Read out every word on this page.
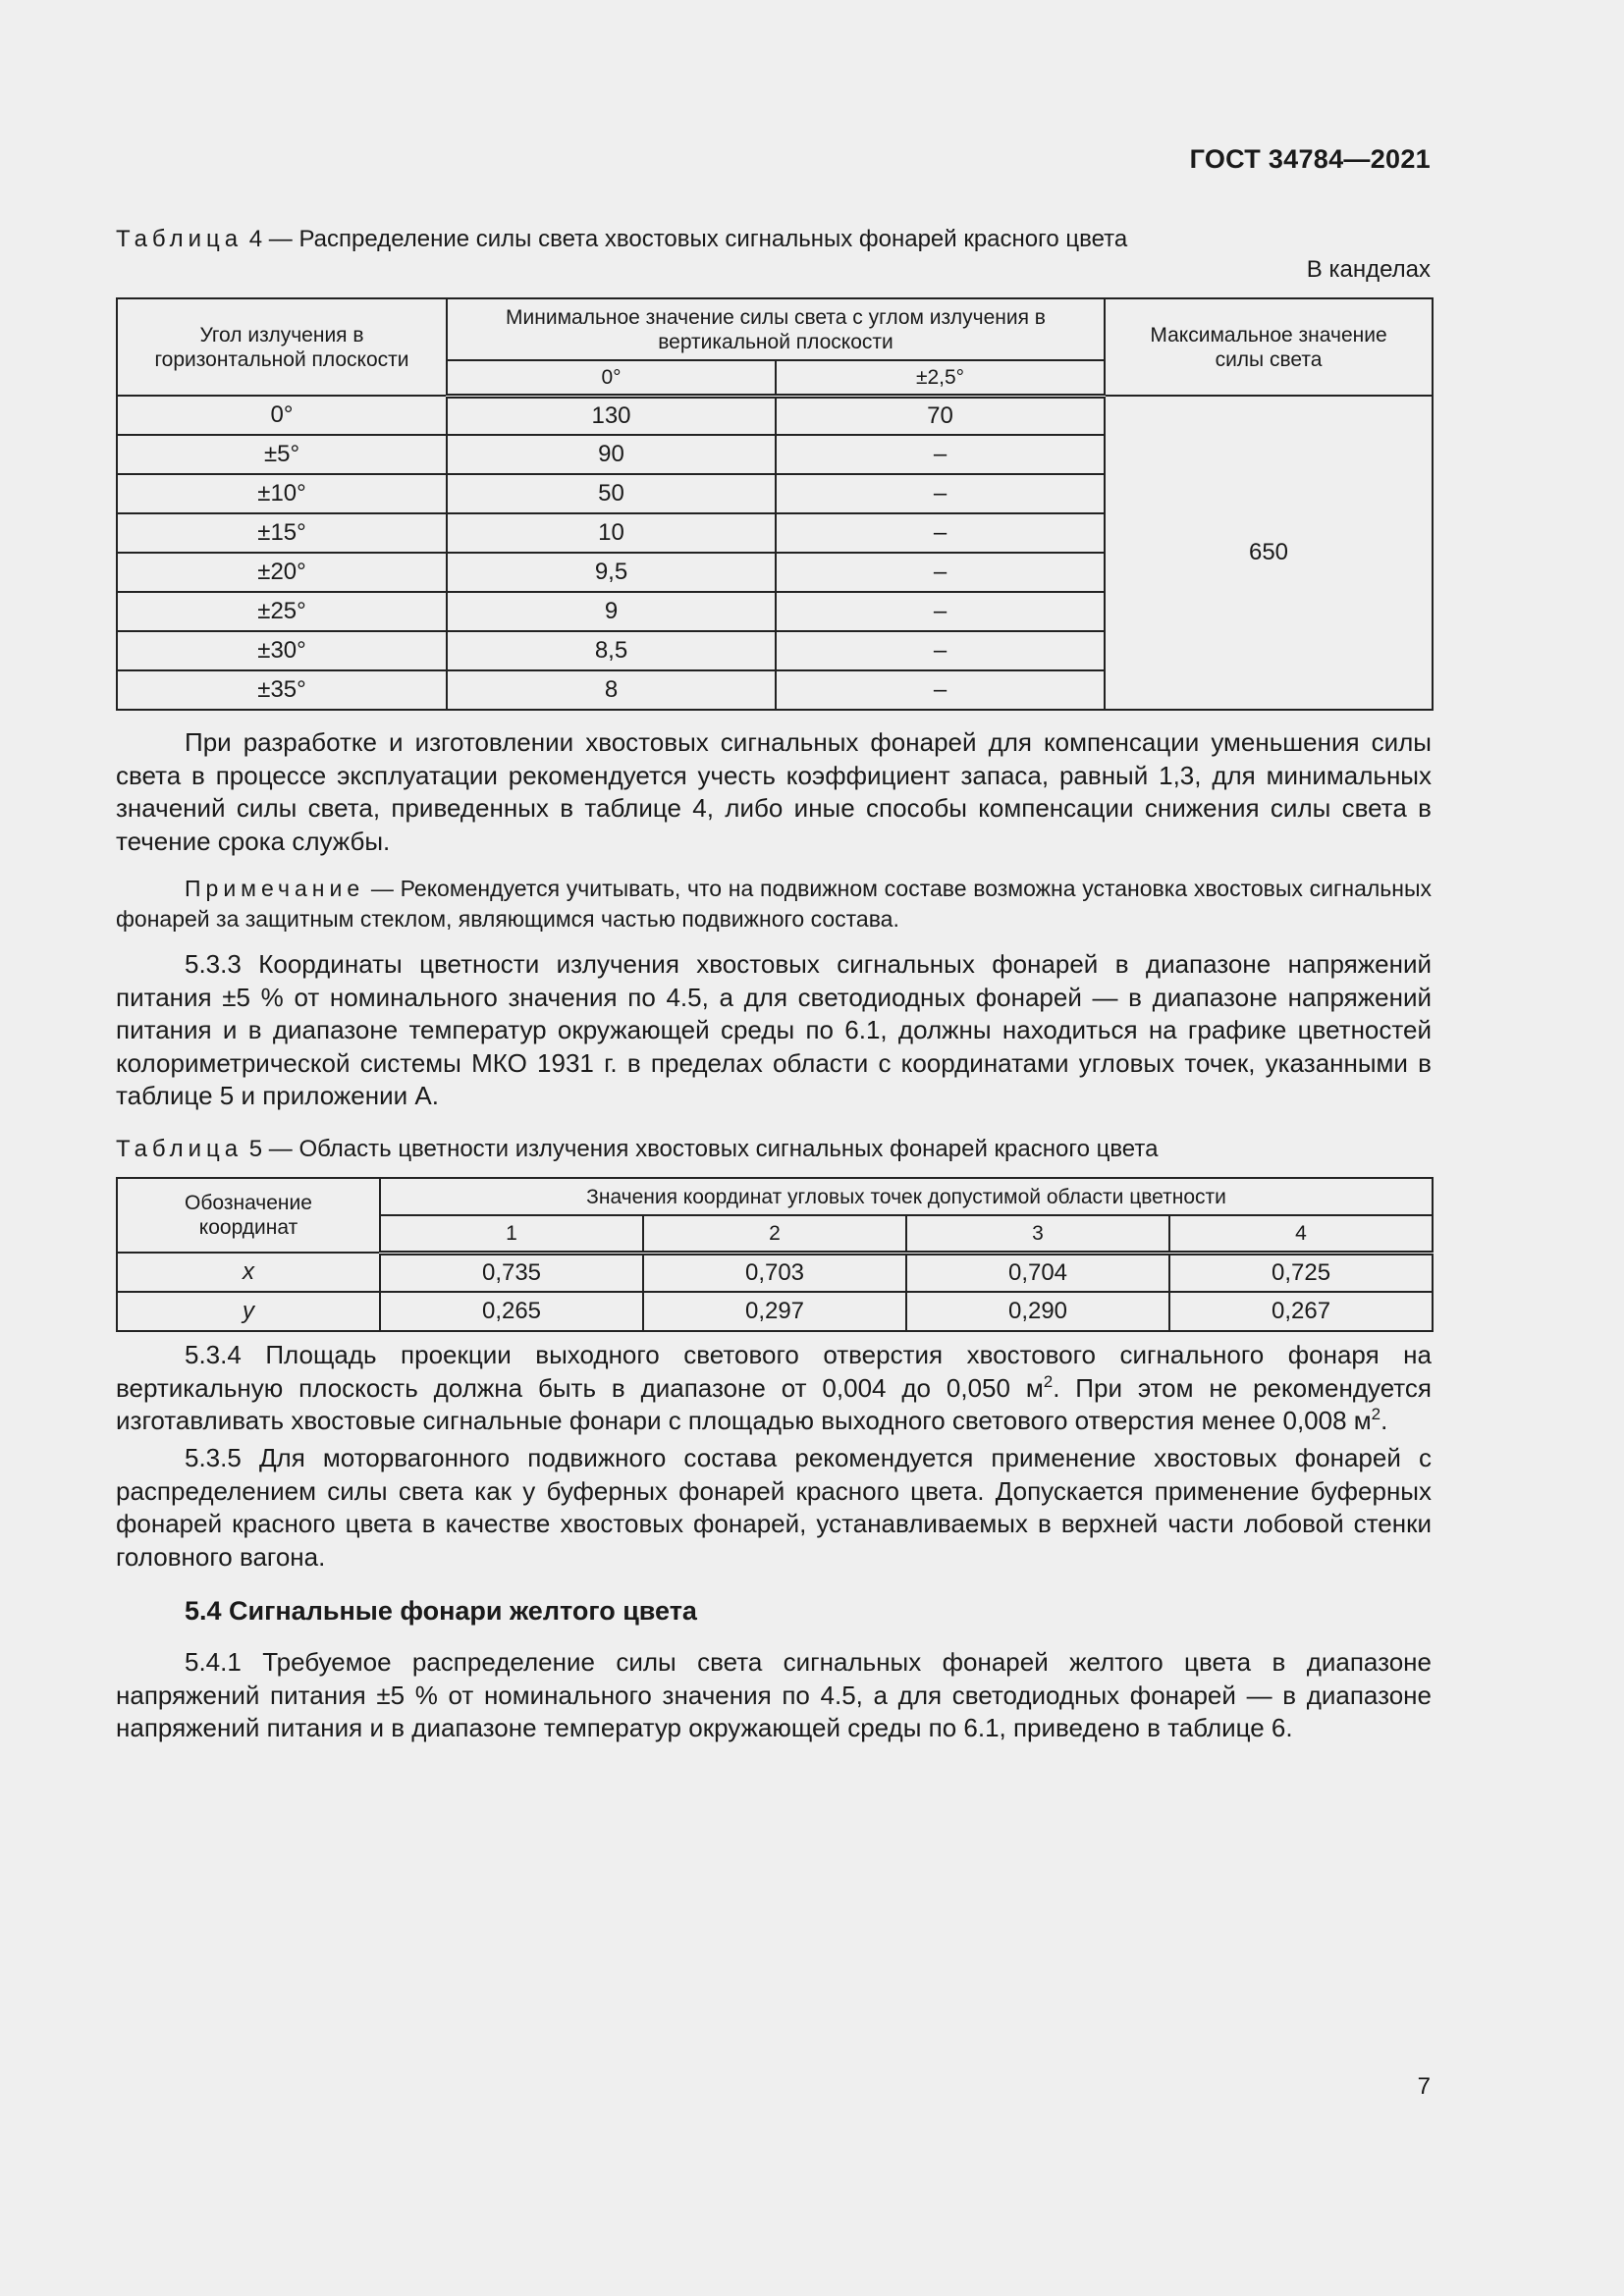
ГОСТ 34784—2021
Таблица 4 — Распределение силы света хвостовых сигнальных фонарей красного цвета
В канделах
Угол излучения в горизонтальной плоскости	Минимальное значение силы света с углом излучения в вертикальной плоскости		Максимальное значение силы света
	0°	±2,5°	
0°	130	70	650
±5°	90	–	
±10°	50	–	
±15°	10	–	
±20°	9,5	–	
±25°	9	–	
±30°	8,5	–	
±35°	8	–	
При разработке и изготовлении хвостовых сигнальных фонарей для компенсации уменьшения силы света в процессе эксплуатации рекомендуется учесть коэффициент запаса, равный 1,3, для минимальных значений силы света, приведенных в таблице 4, либо иные способы компенсации снижения силы света в течение срока службы.
Примечание — Рекомендуется учитывать, что на подвижном составе возможна установка хвостовых сигнальных фонарей за защитным стеклом, являющимся частью подвижного состава.
5.3.3 Координаты цветности излучения хвостовых сигнальных фонарей в диапазоне напряжений питания ±5 % от номинального значения по 4.5, а для светодиодных фонарей — в диапазоне напряжений питания и в диапазоне температур окружающей среды по 6.1, должны находиться на графике цветностей колориметрической системы МКО 1931 г. в пределах области с координатами угловых точек, указанными в таблице 5 и приложении А.
Таблица 5 — Область цветности излучения хвостовых сигнальных фонарей красного цвета
Обозначение координат	Значения координат угловых точек допустимой области цветности			
	1	2	3	4
x	0,735	0,703	0,704	0,725
y	0,265	0,297	0,290	0,267
5.3.4 Площадь проекции выходного светового отверстия хвостового сигнального фонаря на вертикальную плоскость должна быть в диапазоне от 0,004 до 0,050 $м^2$. При этом не рекомендуется изготавливать хвостовые сигнальные фонари с площадью выходного светового отверстия менее 0,008 $м^2$.
5.3.5 Для моторвагонного подвижного состава рекомендуется применение хвостовых фонарей с распределением силы света как у буферных фонарей красного цвета. Допускается применение буферных фонарей красного цвета в качестве хвостовых фонарей, устанавливаемых в верхней части лобовой стенки головного вагона.
5.4 Сигнальные фонари желтого цвета
5.4.1 Требуемое распределение силы света сигнальных фонарей желтого цвета в диапазоне напряжений питания ±5 % от номинального значения по 4.5, а для светодиодных фонарей — в диапазоне напряжений питания и в диапазоне температур окружающей среды по 6.1, приведено в таблице 6.
7
